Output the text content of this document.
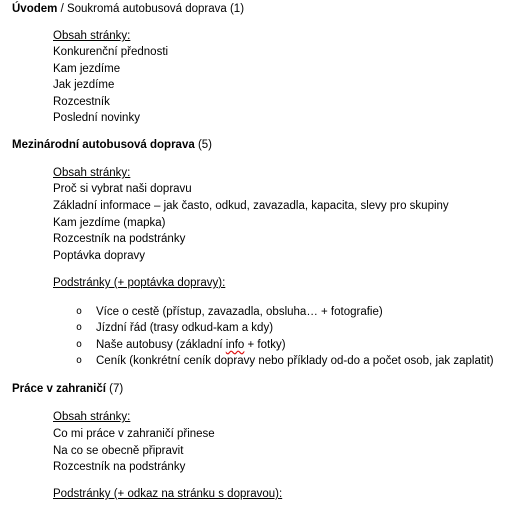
Úvodem / Soukromá autobusová doprava (1)
Obsah stránky:
Konkurenční přednosti
Kam jezdíme
Jak jezdíme
Rozcestník
Poslední novinky
Mezinárodní autobusová doprava (5)
Obsah stránky:
Proč si vybrat naši dopravu
Základní informace – jak často, odkud, zavazadla, kapacita, slevy pro skupiny
Kam jezdíme (mapka)
Rozcestník na podstránky
Poptávka dopravy
Podstránky (+ poptávka dopravy):
o Více o cestě (přístup, zavazadla, obsluha… + fotografie)
o Jízdní řád (trasy odkud-kam a kdy)
o Naše autobusy (základní info + fotky)
o Ceník (konkrétní ceník dopravy nebo příklady od-do a počet osob, jak zaplatit)
Práce v zahraničí (7)
Obsah stránky:
Co mi práce v zahraničí přinese
Na co se obecně připravit
Rozcestník na podstránky
Podstránky (+ odkaz na stránku s dopravou):
